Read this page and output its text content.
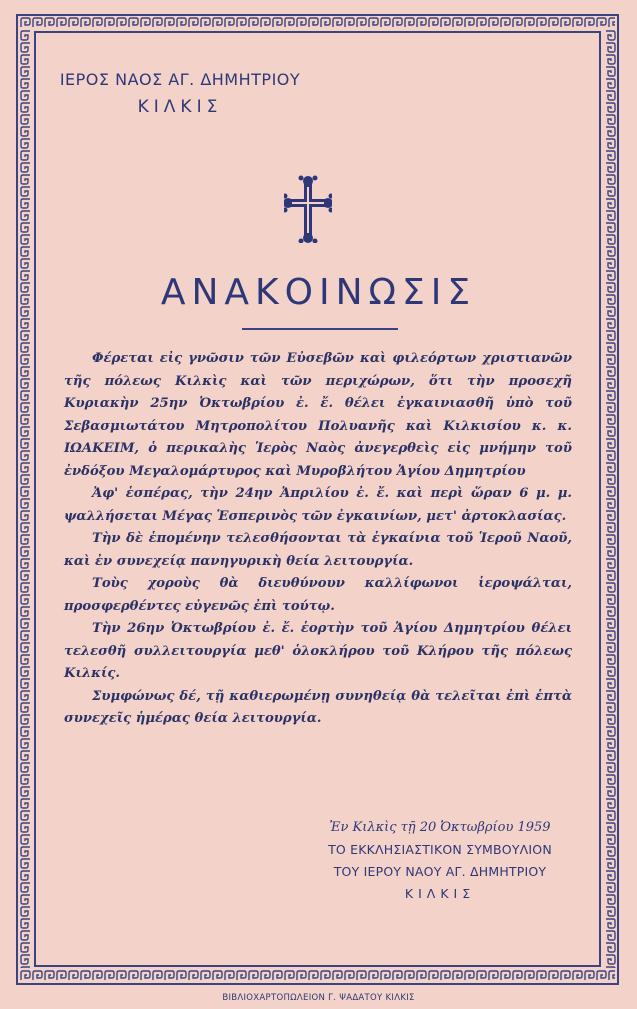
ΙΕΡΟΣ ΝΑΟΣ ΑΓ. ΔΗΜΗΤΡΙΟΥ
ΚΙΛΚΙΣ
ΑΝΑΚΟΙΝΩΣΙΣ

Φέρεται εἰς γνῶσιν τῶν Εὐσεβῶν καὶ φιλεόρτων χριστιανῶν τῆς πόλεως Κιλκὶς καὶ τῶν περιχώρων, ὅτι τὴν προσεχῆ Κυριακὴν 25ην Ὀκτωβρίου ἐ. ἔ. θέλει ἐγκαινιασθῆ ὑπὸ τοῦ Σεβασμιωτάτου Μητροπολίτου Πολυανῆς καὶ Κιλκισίου κ. κ. ΙΩΑΚΕΙΜ, ὁ περικαλὴς Ἱερὸς Ναὸς ἀνεγερθεὶς εἰς μνήμην τοῦ ἐνδόξου Μεγαλομάρτυρος καὶ Μυροβλήτου Ἁγίου Δημητρίου

Ἀφ' ἑσπέρας, τὴν 24ην Ἀπριλίου ἐ. ἔ. καὶ περὶ ὥραν 6 μ. μ. ψαλλήσεται Μέγας Ἑσπερινὸς τῶν ἐγκαινίων, μετ' ἀρτοκλασίας.

Τὴν δὲ ἑπομένην τελεσθήσονται τὰ ἐγκαίνια τοῦ Ἱεροῦ Ναοῦ, καὶ ἐν συνεχείᾳ πανηγυρικὴ θεία λειτουργία.

Τοὺς χοροὺς θὰ διευθύνουν καλλίφωνοι ἱεροψάλται, προσφερθέντες εὐγενῶς ἐπὶ τούτῳ.

Τὴν 26ην Ὀκτωβρίου ἐ. ἔ. ἑορτὴν τοῦ Ἁγίου Δημητρίου θέλει τελεσθῆ συλλειτουργία μεθ' ὁλοκλήρου τοῦ Κλήρου τῆς πόλεως Κιλκίς.

Συμφώνως δέ, τῇ καθιερωμένῃ συνηθείᾳ θὰ τελεῖται ἐπὶ ἑπτὰ συνεχεῖς ἡμέρας θεία λειτουργία.

Ἐν Κιλκὶς τῇ 20 Ὀκτωβρίου 1959
ΤΟ ΕΚΚΛΗΣΙΑΣΤΙΚΟΝ ΣΥΜΒΟΥΛΙΟΝ
ΤΟΥ ΙΕΡΟΥ ΝΑΟΥ ΑΓ. ΔΗΜΗΤΡΙΟΥ
ΚΙΛΚΙΣ
ΒΙΒΛΙΟΧΑΡΤΟΠΩΛΕΙΟΝ Γ. ΨΑΔΑΤΟΥ ΚΙΛΚΙΣ
